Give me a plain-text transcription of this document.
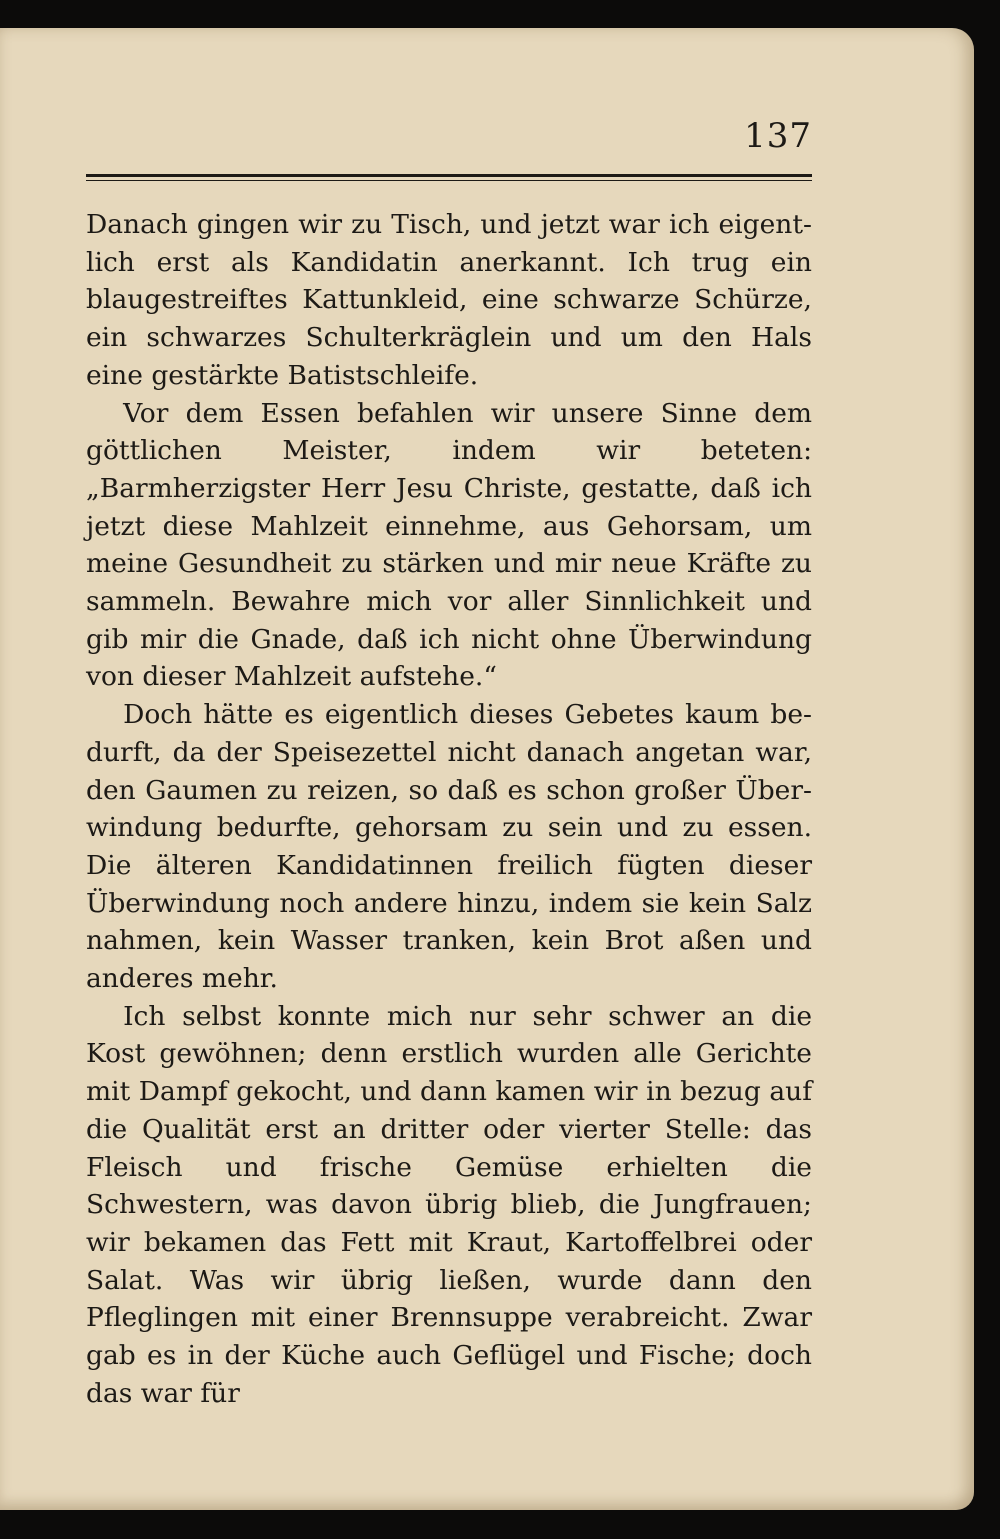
137

Danach gingen wir zu Tisch, und jetzt war ich eigentlich erst als Kandidatin anerkannt. Ich trug ein blaugestreiftes Kattunkleid, eine schwarze Schürze, ein schwarzes Schulterkräglein und um den Hals eine gestärkte Batistschleife.

Vor dem Essen befahlen wir unsere Sinne dem göttlichen Meister, indem wir beteten: „Barmherzigster Herr Jesu Christe, gestatte, daß ich jetzt diese Mahlzeit einnehme, aus Gehorsam, um meine Gesundheit zu stärken und mir neue Kräfte zu sammeln. Bewahre mich vor aller Sinnlichkeit und gib mir die Gnade, daß ich nicht ohne Überwindung von dieser Mahlzeit aufstehe.“

Doch hätte es eigentlich dieses Gebetes kaum bedurft, da der Speisezettel nicht danach angetan war, den Gaumen zu reizen, so daß es schon großer Überwindung bedurfte, gehorsam zu sein und zu essen. Die älteren Kandidatinnen freilich fügten dieser Überwindung noch andere hinzu, indem sie kein Salz nahmen, kein Wasser tranken, kein Brot aßen und anderes mehr.

Ich selbst konnte mich nur sehr schwer an die Kost gewöhnen; denn erstlich wurden alle Gerichte mit Dampf gekocht, und dann kamen wir in bezug auf die Qualität erst an dritter oder vierter Stelle: das Fleisch und frische Gemüse erhielten die Schwestern, was davon übrig blieb, die Jungfrauen; wir bekamen das Fett mit Kraut, Kartoffelbrei oder Salat. Was wir übrig ließen, wurde dann den Pfleglingen mit einer Brennsuppe verabreicht. Zwar gab es in der Küche auch Geflügel und Fische; doch das war für
